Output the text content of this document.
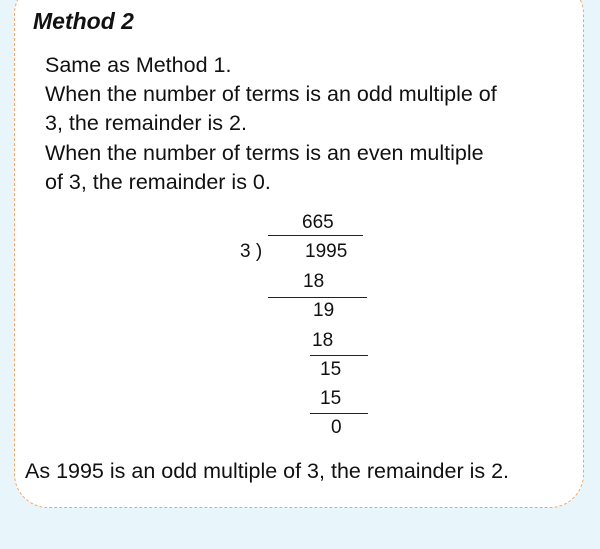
Method 2
Same as Method 1.
When the number of terms is an odd multiple of
3, the remainder is 2.
When the number of terms is an even multiple
of 3, the remainder is 0.
665
3 ) 1995
18
19
18
15
15
0
As 1995 is an odd multiple of 3, the remainder is 2.
